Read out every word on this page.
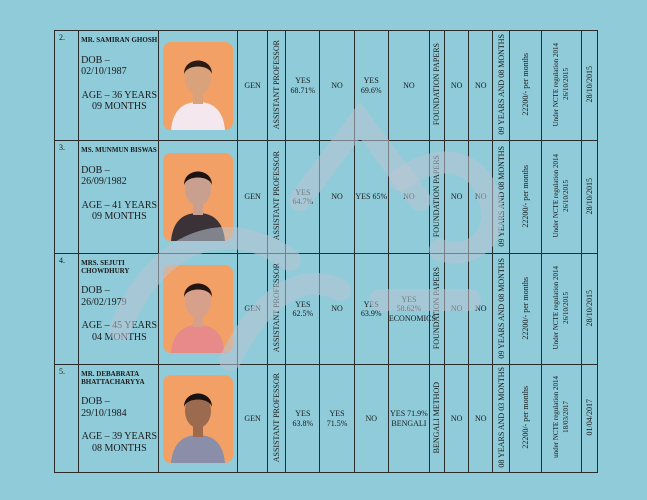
2.	MR. SAMIRAN GHOSH
DOB – 02/10/1987
AGE – 36 YEARS 09 MONTHS		GEN	ASSISTANT PROFESSOR	YES 68.71%	NO	YES 69.6%	NO	FOUNDATION PAPERS	NO	NO	09 YEARS AND 08 MONTHS	22200/- per months	Under NCTE regulation 2014 26/10/2015	28/10/2015
3.	MS. MUNMUN BISWAS
DOB – 26/09/1982
AGE – 41 YEARS 09 MONTHS		GEN	ASSISTANT PROFESSOR	YES 64.7%	NO	YES 65%	NO	FOUNDATION PAPERS	NO	NO	09 YEARS AND 08 MONTHS	22200/- per months	Under NCTE regulation 2014 26/10/2015	28/10/2015
4.	MRS. SEJUTI CHOWDHURY
DOB – 26/02/1979
AGE – 45 YEARS 04 MONTHS		GEN	ASSISTANT PROFESSOR	YES 62.5%	NO	YES 63.9%	YES 58.62% ECONOMICS	FOUNDATION PAPERS	NO	NO	09 YEARS AND 08 MONTHS	22200/- per months	Under NCTE regulation 2014 26/10/2015	28/10/2015
5.	MR. DEBABRATA BHATTACHARYYA
DOB – 29/10/1984
AGE – 39 YEARS 08 MONTHS		GEN	ASSISTANT PROFESSOR	YES 63.8%	YES 71.5%	NO	YES 71.9% BENGALI	BENGALI METHOD	NO	NO	08 YEARS AND 03 MONTHS	22200/- per months	under NCTE regulation 2014 18/03/2017	01/04/2017
